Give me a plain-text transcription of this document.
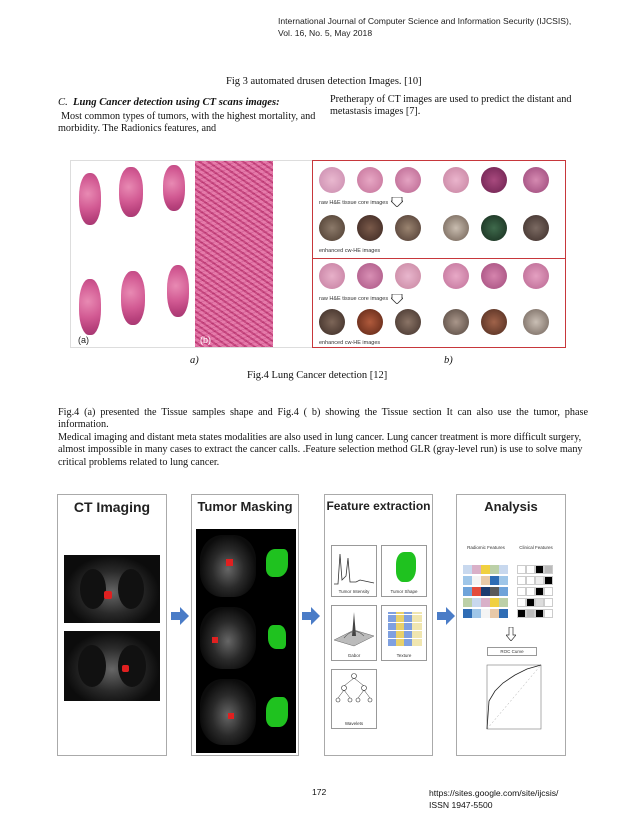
International Journal of Computer Science and Information Security (IJCSIS),
Vol. 16, No. 5, May 2018
Fig 3 automated drusen detection Images. [10]
C. Lung Cancer detection using CT scans images:
Most common types of tumors, with the highest mortality, and morbidity. The Radionics features, and
Pretherapy of CT images are used to predict the distant and metastasis images [7].
(a)	(b)
raw H&E tissue core images
enhanced cw-HE images
raw H&E tissue core images
enhanced cw-HE images
a)	b)
Fig.4 Lung Cancer detection [12]
Fig.4 (a) presented the Tissue samples shape and Fig.4 ( b) showing the Tissue section It can also use the tumor, phase information.
Medical imaging and distant meta states modalities are also used in lung cancer. Lung cancer treatment is more difficult surgery, almost impossible in many cases to extract the cancer calls. .Feature selection method GLR (gray-level run) is use to solve many critical problems related to lung cancer.
CT Imaging	Tumor Masking	Feature extraction
Tumor Intensity	Tumor Shape
Gabor	Texture
Wavelets
Analysis
Radiomic Features	Clinical Features
ROC Curve
172	https://sites.google.com/site/ijcsis/
ISSN 1947-5500
